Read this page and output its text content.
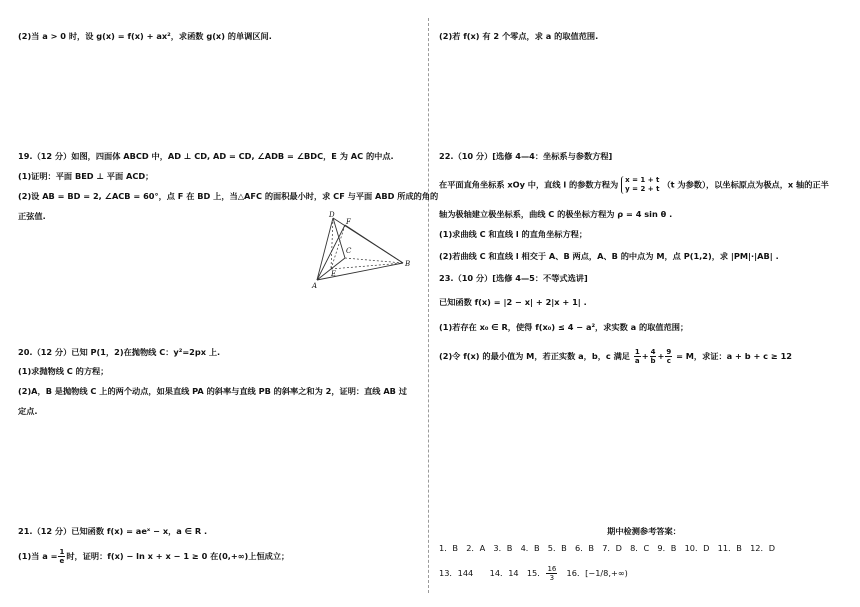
(2)当 a > 0 时，设 g(x) = f(x) + ax²，求函数 g(x) 的单调区间.
19.（12 分）如图，四面体 ABCD 中，AD ⊥ CD, AD = CD, ∠ADB = ∠BDC，E 为 AC 的中点.
(1)证明：平面 BED ⊥ 平面 ACD；
(2)设 AB = BD = 2, ∠ACB = 60°，点 F 在 BD 上，当△AFC 的面积最小时，求 CF 与平面 ABD 所成的角的
正弦值.	D
F
C
E
B
A
20.（12 分）已知 P(1，2)在抛物线 C：y²=2px 上.
(1)求抛物线 C 的方程；
(2)A，B 是抛物线 C 上的两个动点，如果直线 PA 的斜率与直线 PB 的斜率之和为 2，证明：直线 AB 过
定点.
21.（12 分）已知函数 f(x) = aeˣ − x，a ∈ R .
(1)当 $a = \frac{1}{e}$ 时，证明：f(x) − ln x + x − 1 ≥ 0 在(0,+∞)上恒成立；
(2)若 f(x) 有 2 个零点，求 a 的取值范围.
22.（10 分）[选修 4—4：坐标系与参数方程]
在平面直角坐标系 xOy 中，直线 l 的参数方程为 x = 1 + t
y = 2 + t （t 为参数），以坐标原点为极点，x 轴的正半
轴为极轴建立极坐标系，曲线 C 的极坐标方程为 ρ = 4 sin θ .
(1)求曲线 C 和直线 l 的直角坐标方程；
(2)若曲线 C 和直线 l 相交于 A、B 两点，A、B 的中点为 M，点 P(1,2)，求 |PM|·|AB| .
23.（10 分）[选修 4—5：不等式选讲]
已知函数 f(x) = |2 − x| + 2|x + 1| .
(1)若存在 x₀ ∈ R，使得 f(x₀) ≤ 4 − a²，求实数 a 的取值范围；
(2)令 f(x) 的最小值为 M，若正实数 a，b，c 满足 $\frac{1}{a} + \frac{4}{b} + \frac{9}{c} = M$，求证：a + b + c ≥ 12
期中检测参考答案：
1．B　2．A　3．B　4．B　5．B　6．B　7．D　8．C　9．B　10．D　11．B　12．D
13．144　　14．14　15． $\frac{16}{3}$ 　16．[−1/8,+∞)
